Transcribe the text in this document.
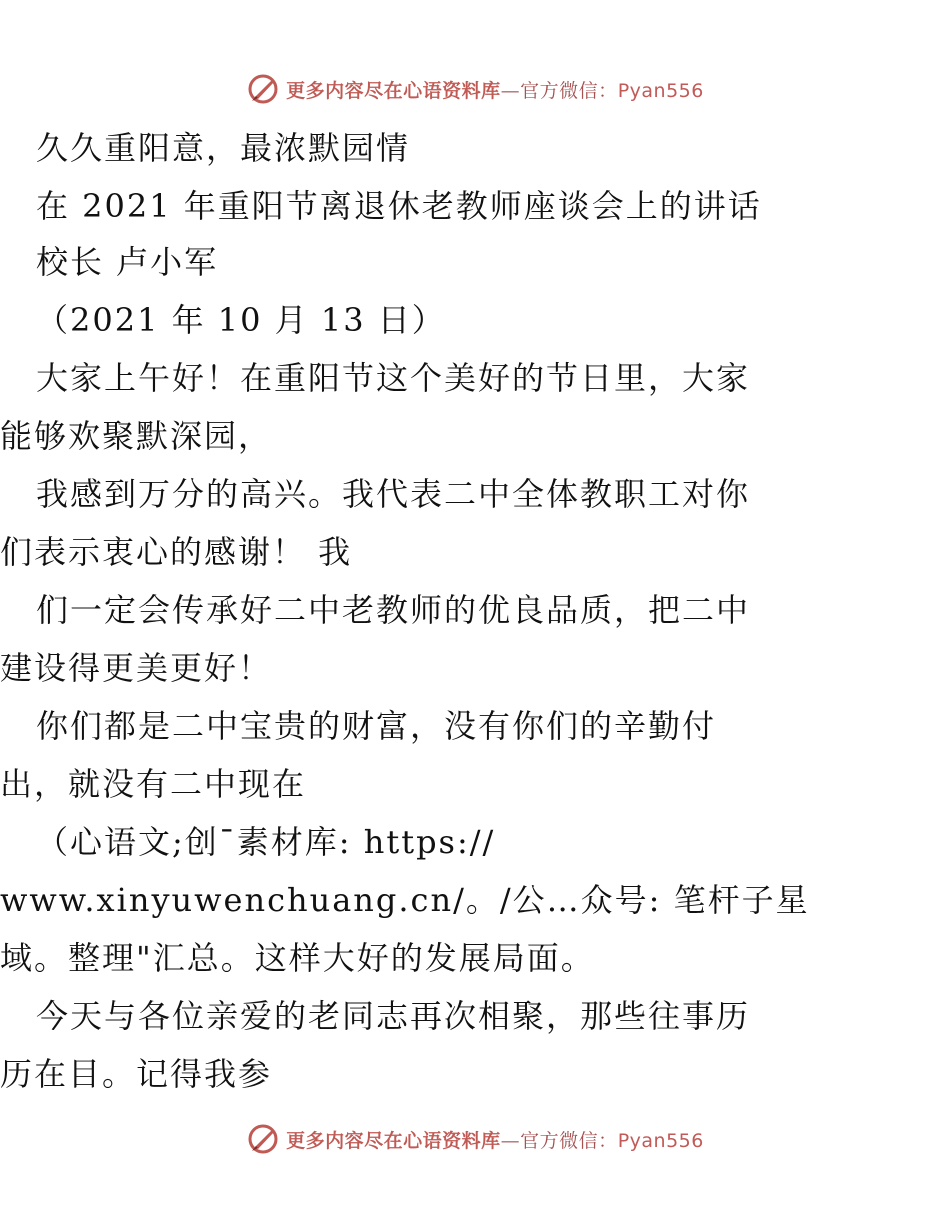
更多内容尽在心语资料库—官方微信：Pyan556
久久重阳意，最浓默园情
在 2021 年重阳节离退休老教师座谈会上的讲话
校长 卢小军
（2021 年 10 月 13 日）
大家上午好！在重阳节这个美好的节日里，大家
能够欢聚默深园，
我感到万分的高兴。我代表二中全体教职工对你
们表示衷心的感谢！ 我
们一定会传承好二中老教师的优良品质，把二中
建设得更美更好！
你们都是二中宝贵的财富，没有你们的辛勤付
出，就没有二中现在
（心语文;创¯素材库: https://
www.xinyuwenchuang.cn/。/公…众号: 笔杆子星
域。整理"汇总。这样大好的发展局面。
今天与各位亲爱的老同志再次相聚，那些往事历
历在目。记得我参
更多内容尽在心语资料库—官方微信：Pyan556
